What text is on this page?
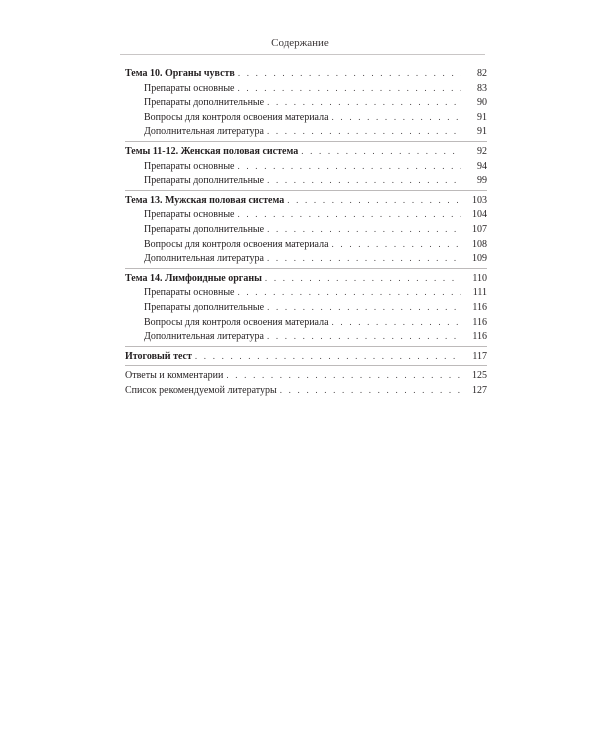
Содержание
Тема 10. Органы чувств . . .	82
Препараты основные . . .	83
Препараты дополнительные . . .	90
Вопросы для контроля освоения материала . . .	91
Дополнительная литература . . .	91
Темы 11-12. Женская половая система . . .	92
Препараты основные . . .	94
Препараты дополнительные . . .	99
Тема 13. Мужская половая система . . .	103
Препараты основные . . .	104
Препараты дополнительные . . .	107
Вопросы для контроля освоения материала . . .	108
Дополнительная литература . . .	109
Тема 14. Лимфоидные органы . . .	110
Препараты основные . . .	111
Препараты дополнительные . . .	116
Вопросы для контроля освоения материала . . .	116
Дополнительная литература . . .	116
Итоговый тест . . .	117
Ответы и комментарии . . .	125
Список рекомендуемой литературы . . .	127
